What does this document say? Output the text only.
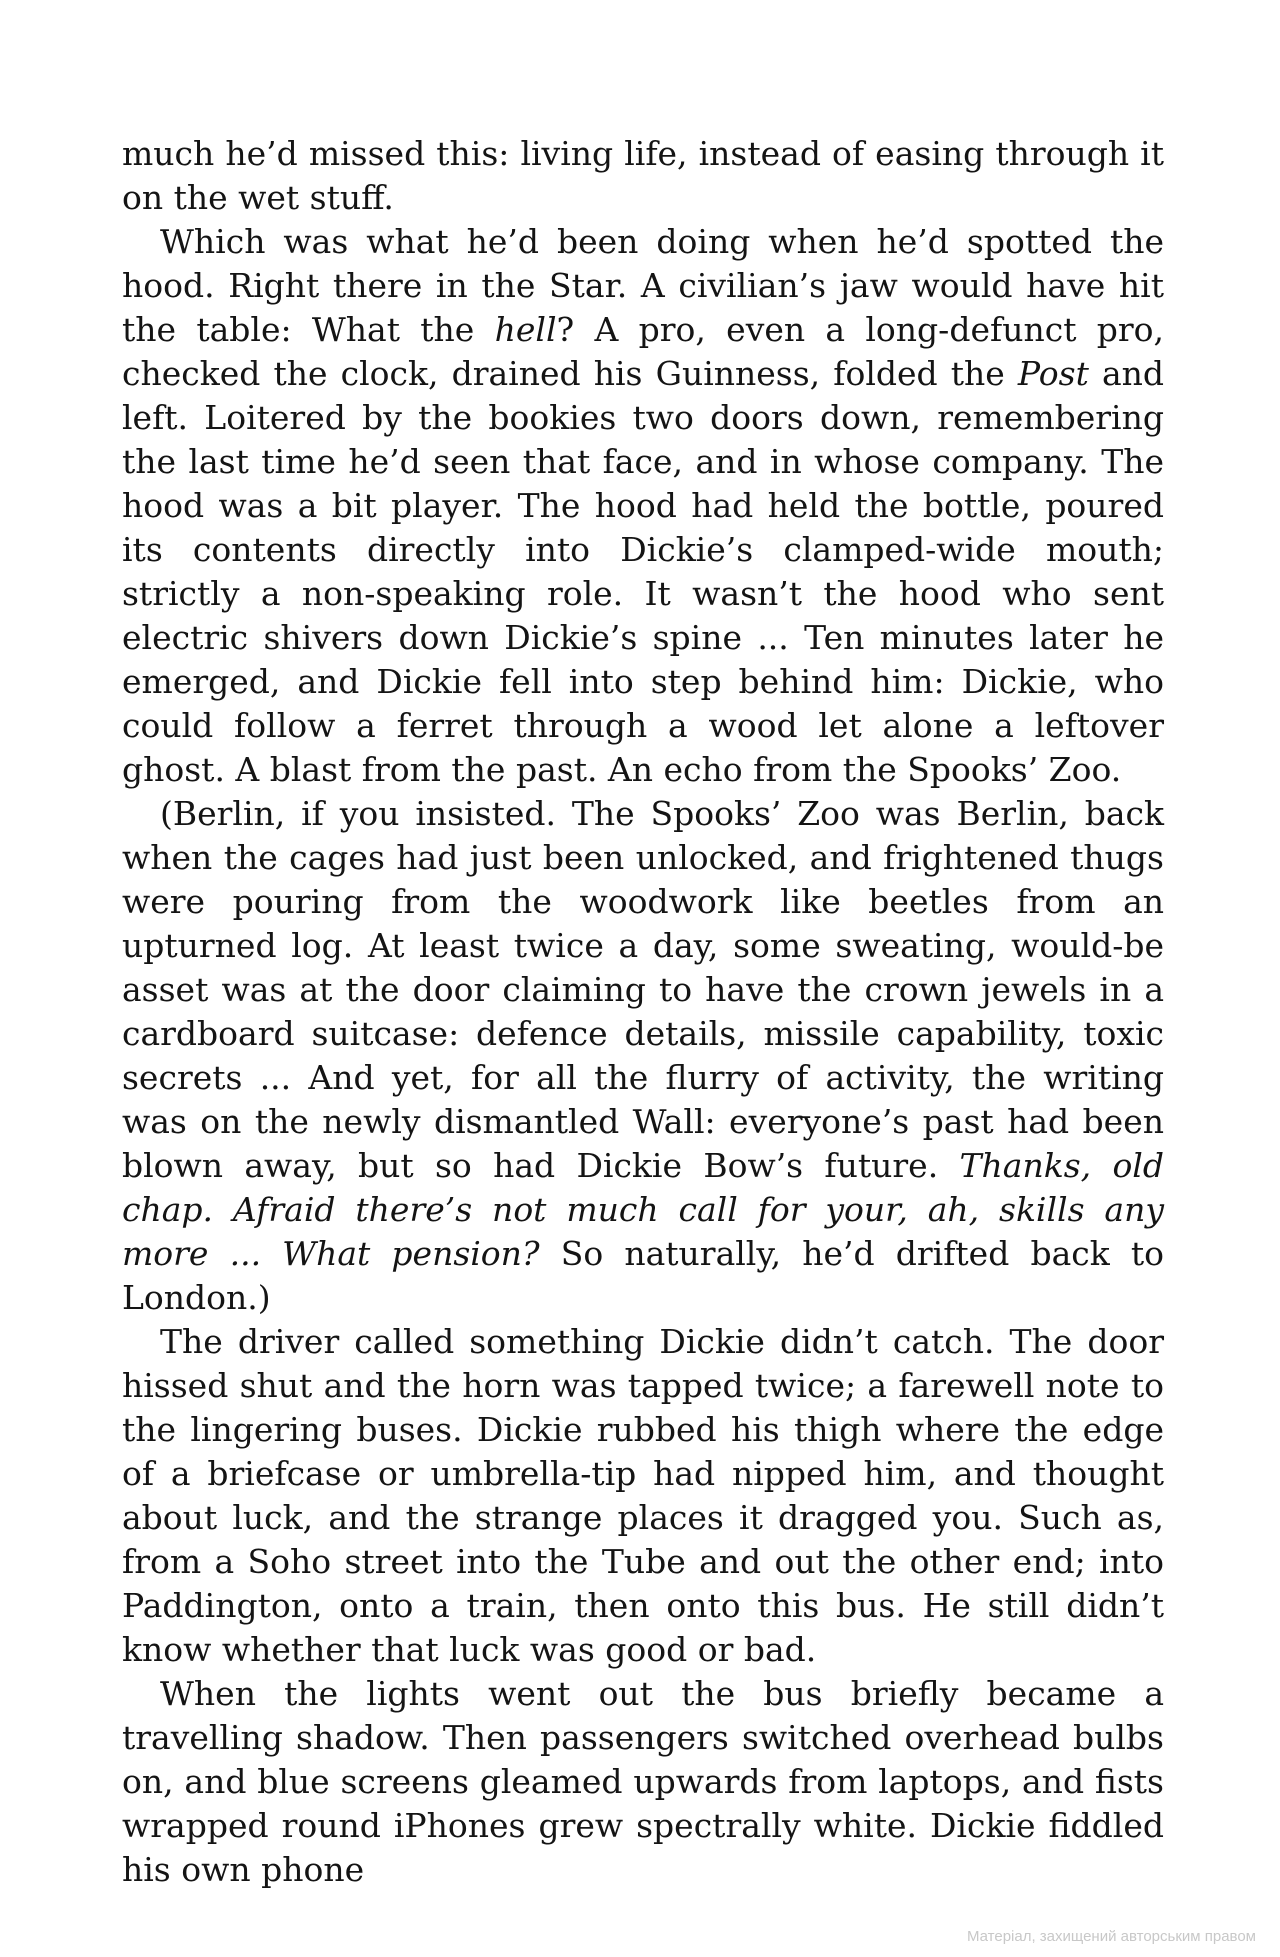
much he’d missed this: living life, instead of easing through it on the wet stuff.

Which was what he’d been doing when he’d spotted the hood. Right there in the Star. A civilian’s jaw would have hit the table: What the hell? A pro, even a long-defunct pro, checked the clock, drained his Guinness, folded the Post and left. Loitered by the bookies two doors down, remembering the last time he’d seen that face, and in whose company. The hood was a bit player. The hood had held the bottle, poured its contents directly into Dickie’s clamped-wide mouth; strictly a non-speaking role. It wasn’t the hood who sent electric shivers down Dickie’s spine ... Ten minutes later he emerged, and Dickie fell into step behind him: Dickie, who could follow a ferret through a wood let alone a leftover ghost. A blast from the past. An echo from the Spooks’ Zoo.

(Berlin, if you insisted. The Spooks’ Zoo was Berlin, back when the cages had just been unlocked, and frightened thugs were pouring from the woodwork like beetles from an upturned log. At least twice a day, some sweating, would-be asset was at the door claiming to have the crown jewels in a cardboard suitcase: defence details, missile capability, toxic secrets ... And yet, for all the flurry of activity, the writing was on the newly dismantled Wall: everyone’s past had been blown away, but so had Dickie Bow’s future. Thanks, old chap. Afraid there’s not much call for your, ah, skills any more ... What pension? So naturally, he’d drifted back to London.)

The driver called something Dickie didn’t catch. The door hissed shut and the horn was tapped twice; a farewell note to the lingering buses. Dickie rubbed his thigh where the edge of a briefcase or umbrella-tip had nipped him, and thought about luck, and the strange places it dragged you. Such as, from a Soho street into the Tube and out the other end; into Paddington, onto a train, then onto this bus. He still didn’t know whether that luck was good or bad.

When the lights went out the bus briefly became a travelling shadow. Then passengers switched overhead bulbs on, and blue screens gleamed upwards from laptops, and fists wrapped round iPhones grew spectrally white. Dickie fiddled his own phone

Матеріал, захищений авторським правом
